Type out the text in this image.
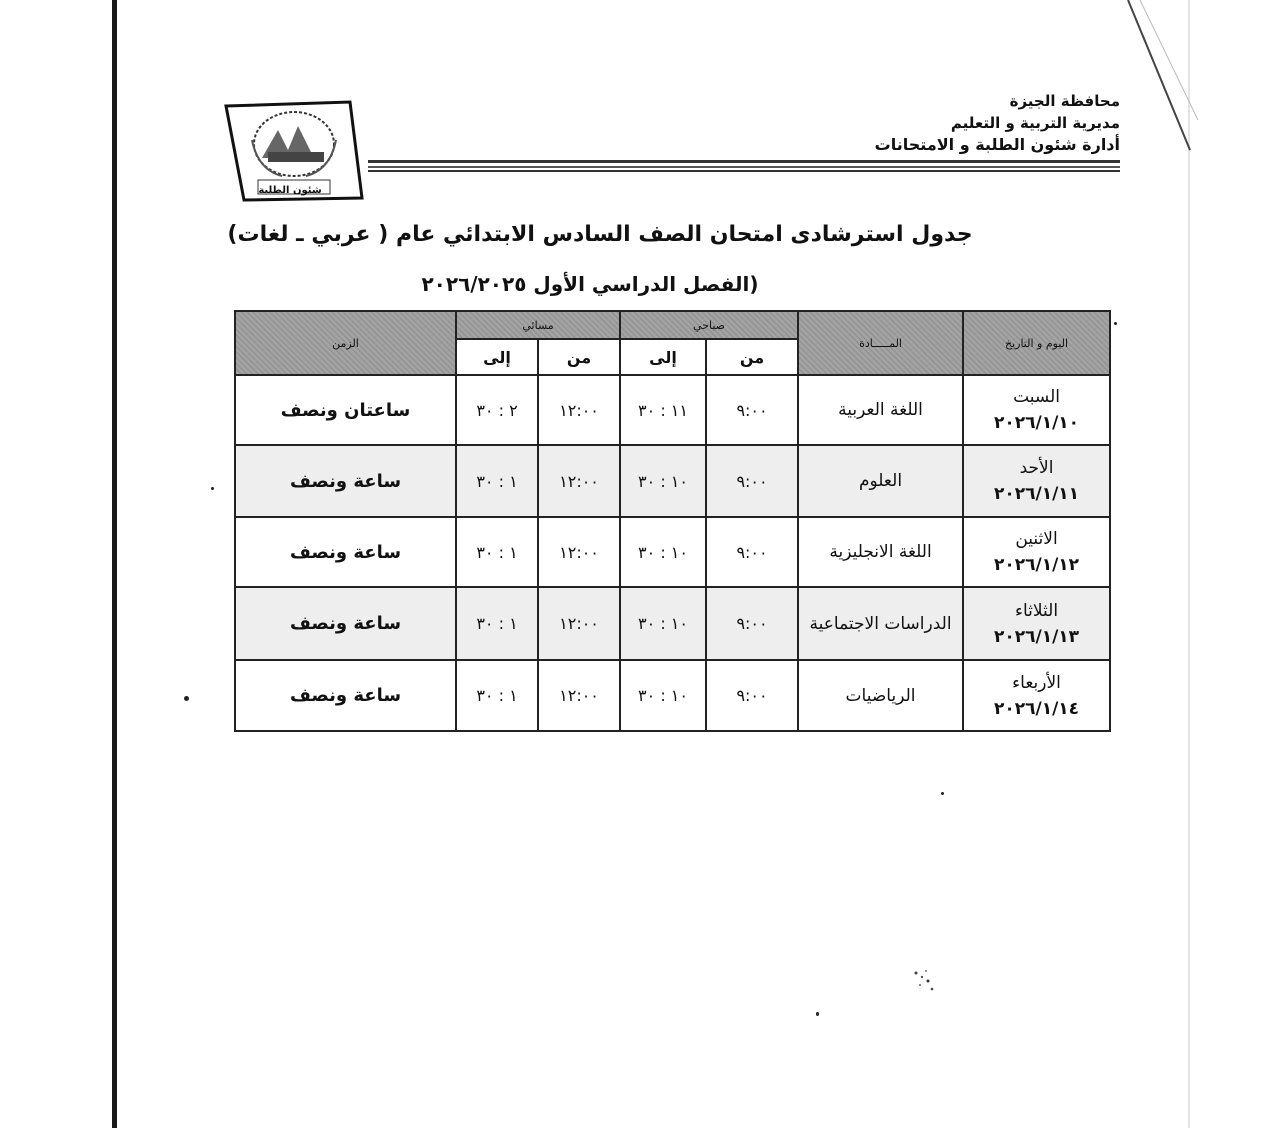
محافظة الجيزة
مديرية التربية و التعليم
أدارة شئون الطلبة و الامتحانات
شئون الطلبة
جدول استرشادى امتحان الصف السادس الابتدائي عام ( عربي ـ لغات)
(الفصل الدراسي الأول ٢٠٢٦/٢٠٢٥
اليوم و التاريخ	المـــــادة	صباحي		مسائي		الزمن
		من	إلى	من	إلى	

السبت
٢٠٢٦/١/١٠	اللغة العربية	٩:٠٠	١١ : ٣٠	١٢:٠٠	٢ : ٣٠	ساعتان ونصف

الأحد
٢٠٢٦/١/١١	العلوم	٩:٠٠	١٠ : ٣٠	١٢:٠٠	١ : ٣٠	ساعة ونصف

الاثنين
٢٠٢٦/١/١٢	اللغة الانجليزية	٩:٠٠	١٠ : ٣٠	١٢:٠٠	١ : ٣٠	ساعة ونصف

الثلاثاء
٢٠٢٦/١/١٣	الدراسات الاجتماعية	٩:٠٠	١٠ : ٣٠	١٢:٠٠	١ : ٣٠	ساعة ونصف

الأربعاء
٢٠٢٦/١/١٤	الرياضيات	٩:٠٠	١٠ : ٣٠	١٢:٠٠	١ : ٣٠	ساعة ونصف
